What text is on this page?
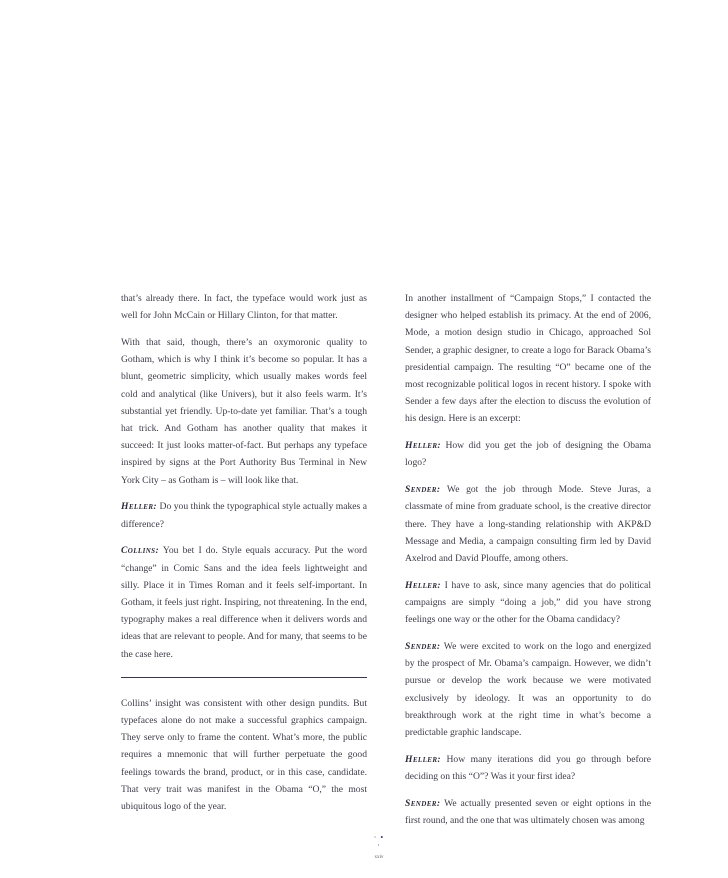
that’s already there. In fact, the typeface would work just as well for John McCain or Hillary Clinton, for that matter.

With that said, though, there’s an oxymoronic quality to Gotham, which is why I think it’s become so popular. It has a blunt, geometric simplicity, which usually makes words feel cold and analytical (like Univers), but it also feels warm. It’s substantial yet friendly. Up-to-date yet familiar. That’s a tough hat trick. And Gotham has another quality that makes it succeed: It just looks matter-of-fact. But perhaps any typeface inspired by signs at the Port Authority Bus Terminal in New York City – as Gotham is – will look like that.

Heller: Do you think the typographical style actually makes a difference?

Collins: You bet I do. Style equals accuracy. Put the word “change” in Comic Sans and the idea feels lightweight and silly. Place it in Times Roman and it feels self-important. In Gotham, it feels just right. Inspiring, not threatening. In the end, typography makes a real difference when it delivers words and ideas that are relevant to people. And for many, that seems to be the case here.

Collins’ insight was consistent with other design pundits. But typefaces alone do not make a successful graphics campaign. They serve only to frame the content. What’s more, the public requires a mnemonic that will further perpetuate the good feelings towards the brand, product, or in this case, candidate. That very trait was manifest in the Obama “O,” the most ubiquitous logo of the year.

In another installment of “Campaign Stops,” I contacted the designer who helped establish its primacy. At the end of 2006, Mode, a motion design studio in Chicago, approached Sol Sender, a graphic designer, to create a logo for Barack Obama’s presidential campaign. The resulting “O” became one of the most recognizable political logos in recent history. I spoke with Sender a few days after the election to discuss the evolution of his design. Here is an excerpt:

Heller: How did you get the job of designing the Obama logo?

Sender: We got the job through Mode. Steve Juras, a classmate of mine from graduate school, is the creative director there. They have a long-standing relationship with AKP&D Message and Media, a campaign consulting firm led by David Axelrod and David Plouffe, among others.

Heller: I have to ask, since many agencies that do political campaigns are simply “doing a job,” did you have strong feelings one way or the other for the Obama candidacy?

Sender: We were excited to work on the logo and energized by the prospect of Mr. Obama’s campaign. However, we didn’t pursue or develop the work because we were motivated exclusively by ideology. It was an opportunity to do breakthrough work at the right time in what’s become a predictable graphic landscape.

Heller: How many iterations did you go through before deciding on this “O”? Was it your first idea?

Sender: We actually presented seven or eight options in the first round, and the one that was ultimately chosen was among

· • ·
xxiv
